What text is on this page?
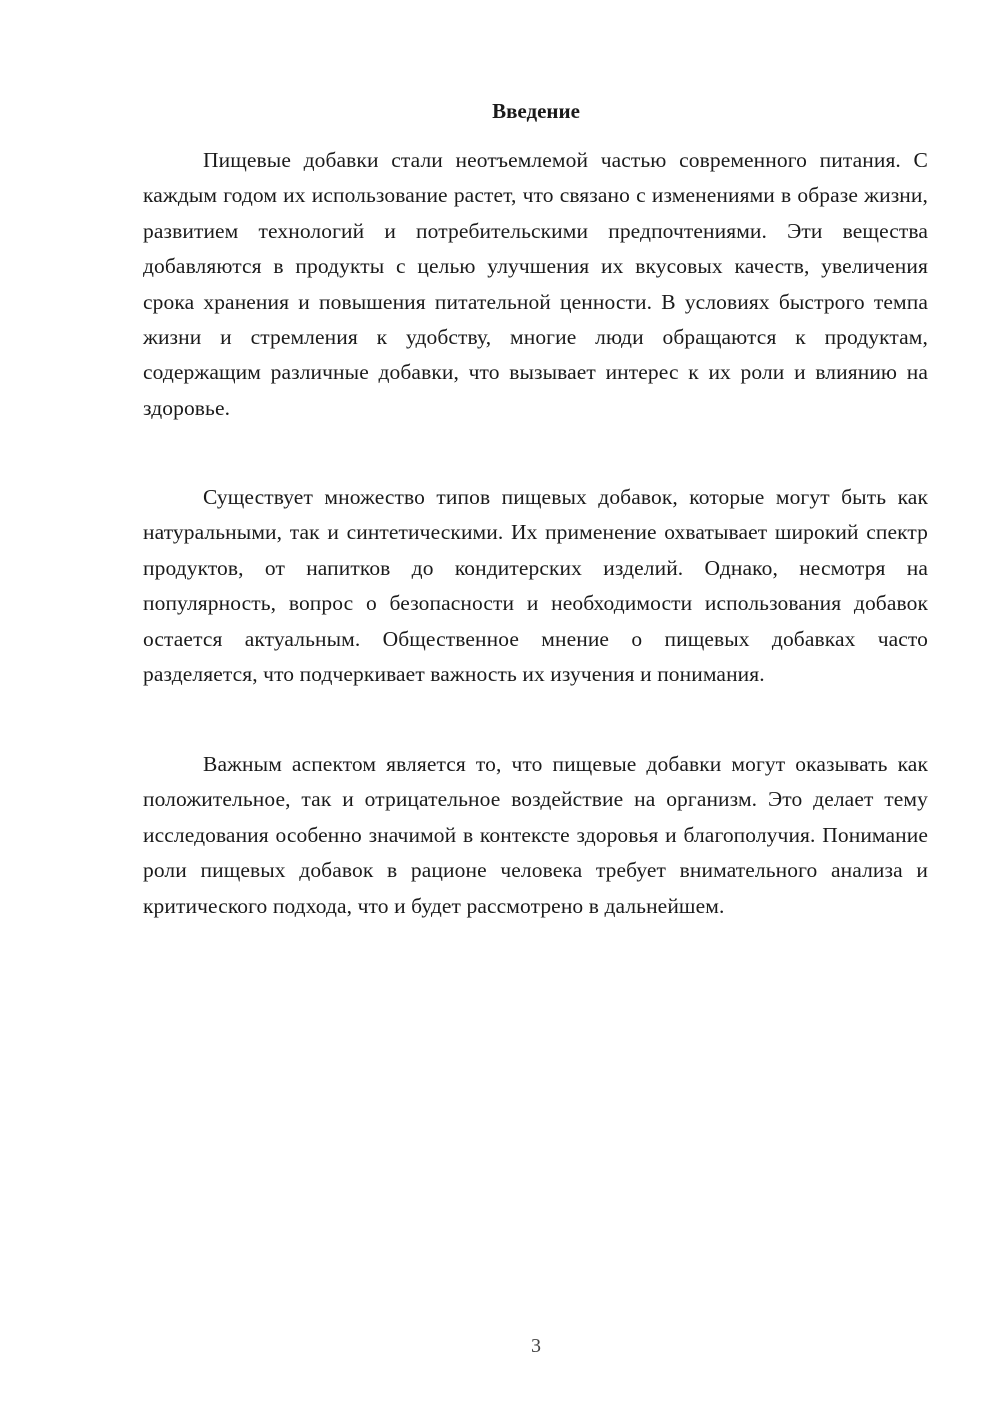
Введение

Пищевые добавки стали неотъемлемой частью современного питания. С каждым годом их использование растет, что связано с изменениями в образе жизни, развитием технологий и потребительскими предпочтениями. Эти вещества добавляются в продукты с целью улучшения их вкусовых качеств, увеличения срока хранения и повышения питательной ценности. В условиях быстрого темпа жизни и стремления к удобству, многие люди обращаются к продуктам, содержащим различные добавки, что вызывает интерес к их роли и влиянию на здоровье.

Существует множество типов пищевых добавок, которые могут быть как натуральными, так и синтетическими. Их применение охватывает широкий спектр продуктов, от напитков до кондитерских изделий. Однако, несмотря на популярность, вопрос о безопасности и необходимости использования добавок остается актуальным. Общественное мнение о пищевых добавках часто разделяется, что подчеркивает важность их изучения и понимания.

Важным аспектом является то, что пищевые добавки могут оказывать как положительное, так и отрицательное воздействие на организм. Это делает тему исследования особенно значимой в контексте здоровья и благополучия. Понимание роли пищевых добавок в рационе человека требует внимательного анализа и критического подхода, что и будет рассмотрено в дальнейшем.

3
